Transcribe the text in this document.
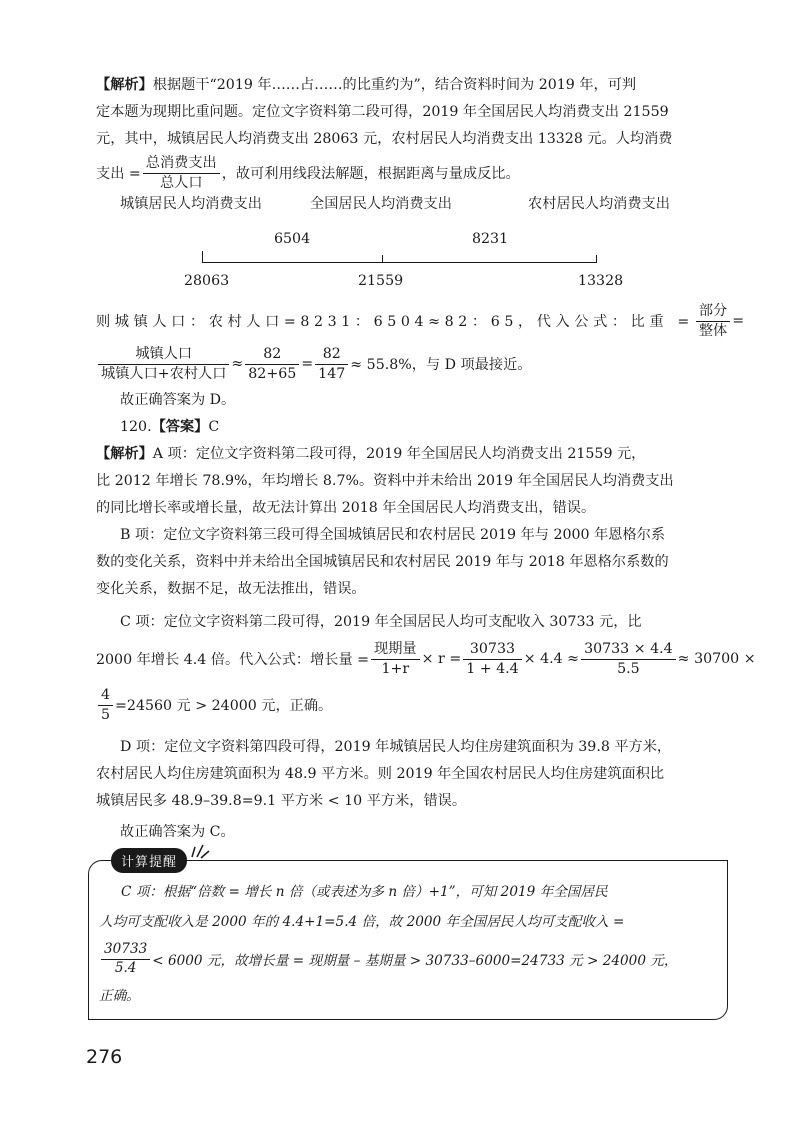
【解析】根据题干“2019 年……占……的比重约为”，结合资料时间为 2019 年，可判
定本题为现期比重问题。定位文字资料第二段可得，2019 年全国居民人均消费支出 21559
元，其中，城镇居民人均消费支出 28063 元，农村居民人均消费支出 13328 元。人均消费
支出 = $\frac{\text{总消费支出}}{\text{总人口}}$ ，故可利用线段法解题，根据距离与量成反比。
城镇居民人均消费支出	全国居民人均消费支出	农村居民人均消费支出
6504	8231
28063	21559	13328
则城镇人口：农村人口=8231：6504≈82：65，代入公式：比重 = $\frac{\text{部分}}{\text{整体}}$ =
$\frac{\text{城镇人口}}{\text{城镇人口+农村人口}} \approx \frac{82}{82+65} = \frac{82}{147} \approx 55.8\%$，与 D 项最接近。
故正确答案为 D。
120.【答案】C
【解析】A 项：定位文字资料第二段可得，2019 年全国居民人均消费支出 21559 元，
比 2012 年增长 78.9%，年均增长 8.7%。资料中并未给出 2019 年全国居民人均消费支出
的同比增长率或增长量，故无法计算出 2018 年全国居民人均消费支出，错误。
B 项：定位文字资料第三段可得全国城镇居民和农村居民 2019 年与 2000 年恩格尔系
数的变化关系，资料中并未给出全国城镇居民和农村居民 2019 年与 2018 年恩格尔系数的
变化关系，数据不足，故无法推出，错误。
C 项：定位文字资料第二段可得，2019 年全国居民人均可支配收入 30733 元，比
2000 年增长 4.4 倍。代入公式：增长量 = $\frac{\text{现期量}}{1+r} \times r = \frac{30733}{1 + 4.4} \times 4.4 \approx \frac{30733 \times 4.4}{5.5} \approx 30700$ ×
$\frac{4}{5} =24560$ 元 > 24000 元，正确。
D 项：定位文字资料第四段可得，2019 年城镇居民人均住房建筑面积为 39.8 平方米，
农村居民人均住房建筑面积为 48.9 平方米。则 2019 年全国农村居民人均住房建筑面积比
城镇居民多 48.9–39.8=9.1 平方米 < 10 平方米，错误。
故正确答案为 C。
计算提醒
C 项：根据“倍数 = 增长 n 倍（或表述为多 n 倍）+1”，可知 2019 年全国居民
人均可支配收入是 2000 年的 4.4+1=5.4 倍，故 2000 年全国居民人均可支配收入 =
$\frac{30733}{5.4} < 6000$ 元，故增长量 = 现期量 – 基期量 > 30733–6000=24733 元 > 24000 元，
正确。
276
